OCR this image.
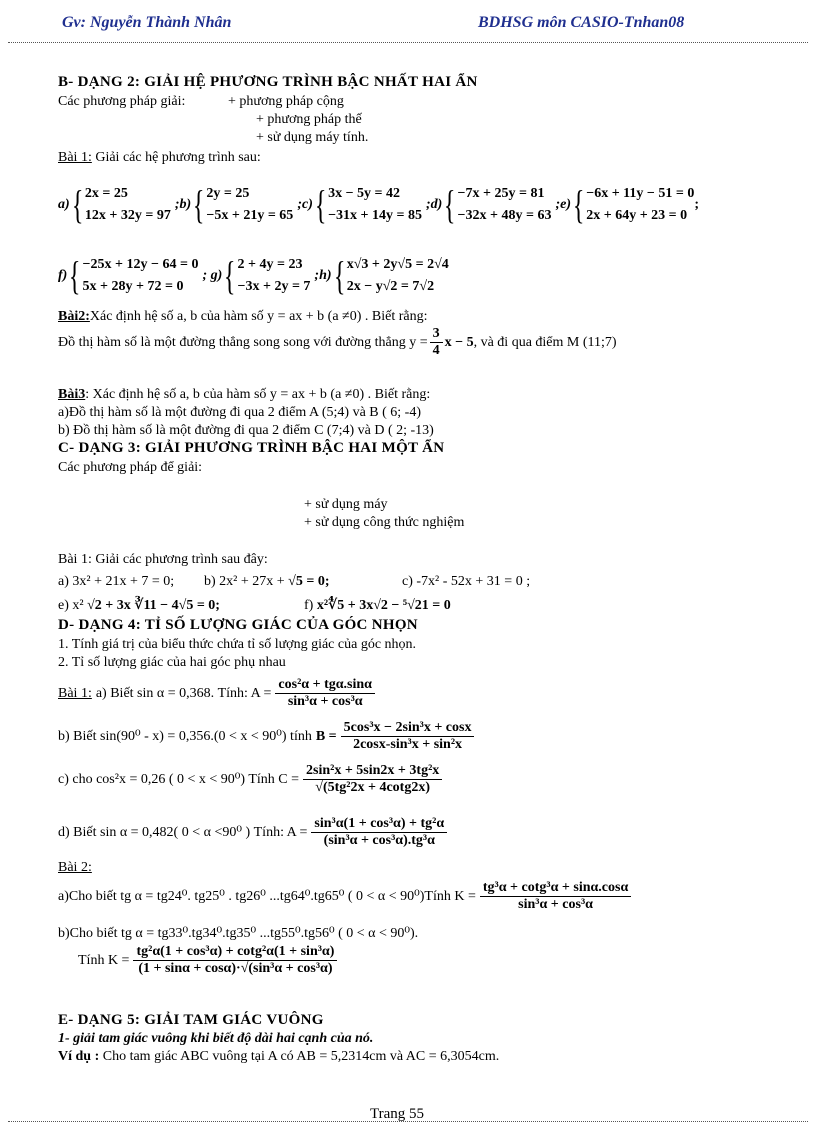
Gv: Nguyễn Thành Nhân	BDHSG môn CASIO-Tnhan08
B- DẠNG 2: GIẢI HỆ PHƯƠNG TRÌNH BẬC NHẤT HAI ẨN
Các phương pháp giải:	+ phương pháp cộng
+ phương pháp thế
+ sử dụng máy tính.
Bài 1: Giải các hệ phương trình sau:
a) { 2x = 25
12x + 32y = 97

;b) { 2y = 25
−5x + 21y = 65

;c) { 3x − 5y = 42
−31x + 14y = 85

;d) { −7x + 25y = 81
−32x + 48y = 63

;e) { −6x + 11y − 51 = 0
2x + 64y + 23 = 0
;
f) { −25x + 12y − 64 = 0
5x + 28y + 72 = 0

; g) { 2 + 4y = 23
−3x + 2y = 7

;h) { x√3 + 2y√5 = 2√4
2x − y√2 = 7√2
Bài2:Xác định hệ số a, b của hàm số y = ax + b (a ≠0) . Biết rằng:
Đồ thị hàm số là một đường thẳng song song với đường thẳng $y = \frac{3}{4}$ x − 5 , và đi qua điểm M (11;7)
Bài3: Xác định hệ số a, b của hàm số y = ax + b (a ≠0) . Biết rằng:
a)Đồ thị hàm số là một đường đi qua 2 điểm A (5;4) và B ( 6; -4)
b) Đồ thị hàm số là một đường đi qua 2 điểm C (7;4) và D ( 2; -13)
C- DẠNG 3: GIẢI PHƯƠNG TRÌNH BẬC HAI MỘT ẨN
Các phương pháp để giải:
+ sử dụng máy
+ sử dụng công thức nghiệm
Bài 1: Giải các phương trình sau đây:
a) 3x² + 21x + 7 = 0; b) 2x² + 27x + √5 = 0;	c) -7x² - 52x + 31 = 0 ;
e) x² √2 + 3x ∛11 − 4√5 = 0;	f) x²∜5 + 3x√2 − ⁵√21 = 0
D- DẠNG 4: TỈ SỐ LƯỢNG GIÁC CỦA GÓC NHỌN
1. Tính giá trị của biểu thức chứa tỉ số lượng giác của góc nhọn.
2. Tỉ số lượng giác của hai góc phụ nhau
Bài 1: a) Biết sin α = 0,368. Tính: $A = \frac{\text{cos²α + tgα.sinα}}{\text{sin³α + cos³α}}$
b) Biết sin(90⁰ - x) = 0,356.(0 < x < 90⁰) tính $B = \frac{\text{5cos³x − 2sin³x + cosx}}{\text{2cosx-sin³x + sin²x}}$
c) cho cos²x = 0,26 ( 0 < x < 90⁰) Tính $C = \frac{\text{2sin²x + 5sin2x + 3tg²x}}{\text{√(5tg²2x + 4cotg2x)}}$
d) Biết sin α = 0,482( 0 < α <90⁰ ) Tính: $A = \frac{\text{sin³α(1 + cos³α) + tg²α}}{\text{(sin³α + cos³α).tg³α}}$
Bài 2:
a)Cho biết tg α = tg24⁰. tg25⁰ . tg26⁰ ...tg64⁰.tg65⁰ ( 0 < α < 90⁰)Tính $K = \frac{\text{tg³α + cotg³α + sinα.cosα}}{\text{sin³α + cos³α}}$
b)Cho biết tg α = tg33⁰.tg34⁰.tg35⁰ ...tg55⁰.tg56⁰ ( 0 < α < 90⁰).
Tính $K = \frac{\text{tg²α(1 + cos³α) + cotg²α(1 + sin³α)}}{\text{(1 + sinα + cosα)·√(sin³α + cos³α)}}$
E- DẠNG 5: GIẢI TAM GIÁC VUÔNG
1- giải tam giác vuông khi biết độ dài hai cạnh của nó.
Ví dụ : Cho tam giác ABC vuông tại A có AB = 5,2314cm và AC = 6,3054cm.
Trang 55
